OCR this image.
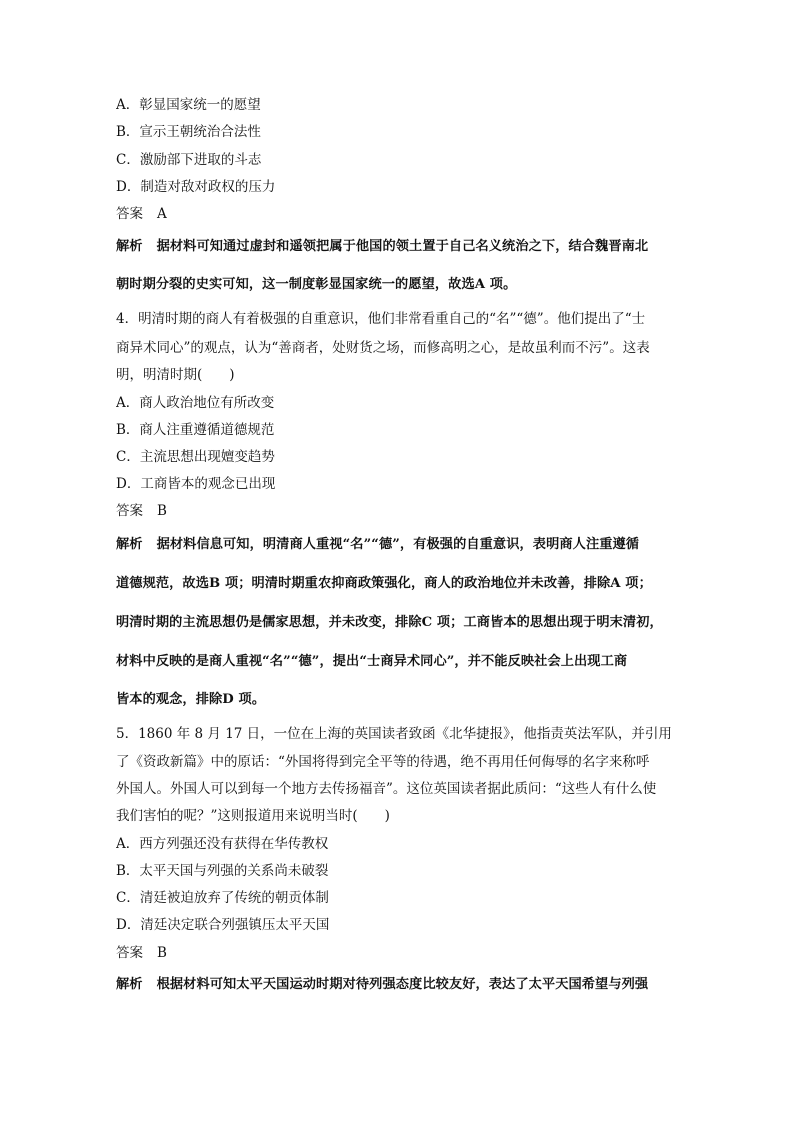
A．彰显国家统一的愿望
B．宣示王朝统治合法性
C．激励部下进取的斗志
D．制造对敌对政权的压力
答案 A
解析 据材料可知通过虚封和遥领把属于他国的领土置于自己名义统治之下，结合魏晋南北
朝时期分裂的史实可知，这一制度彰显国家统一的愿望，故选A 项。
4．明清时期的商人有着极强的自重意识，他们非常看重自己的“名”“德”。他们提出了“士
商异术同心”的观点，认为“善商者，处财货之场，而修高明之心，是故虽利而不污”。这表
明，明清时期(　　)
A．商人政治地位有所改变
B．商人注重遵循道德规范
C．主流思想出现嬗变趋势
D．工商皆本的观念已出现
答案 B
解析 据材料信息可知，明清商人重视“名”“德”，有极强的自重意识，表明商人注重遵循
道德规范，故选B 项；明清时期重农抑商政策强化，商人的政治地位并未改善，排除A 项；
明清时期的主流思想仍是儒家思想，并未改变，排除C 项；工商皆本的思想出现于明末清初，
材料中反映的是商人重视“名”“德”，提出“士商异术同心”，并不能反映社会上出现工商
皆本的观念，排除D 项。
5．1860 年 8 月 17 日，一位在上海的英国读者致函《北华捷报》，他指责英法军队，并引用
了《资政新篇》中的原话：“外国将得到完全平等的待遇，绝不再用任何侮辱的名字来称呼
外国人。外国人可以到每一个地方去传扬福音”。这位英国读者据此质问：“这些人有什么使
我们害怕的呢？”这则报道用来说明当时(　　)
A．西方列强还没有获得在华传教权
B．太平天国与列强的关系尚未破裂
C．清廷被迫放弃了传统的朝贡体制
D．清廷决定联合列强镇压太平天国
答案 B
解析 根据材料可知太平天国运动时期对待列强态度比较友好，表达了太平天国希望与列强
